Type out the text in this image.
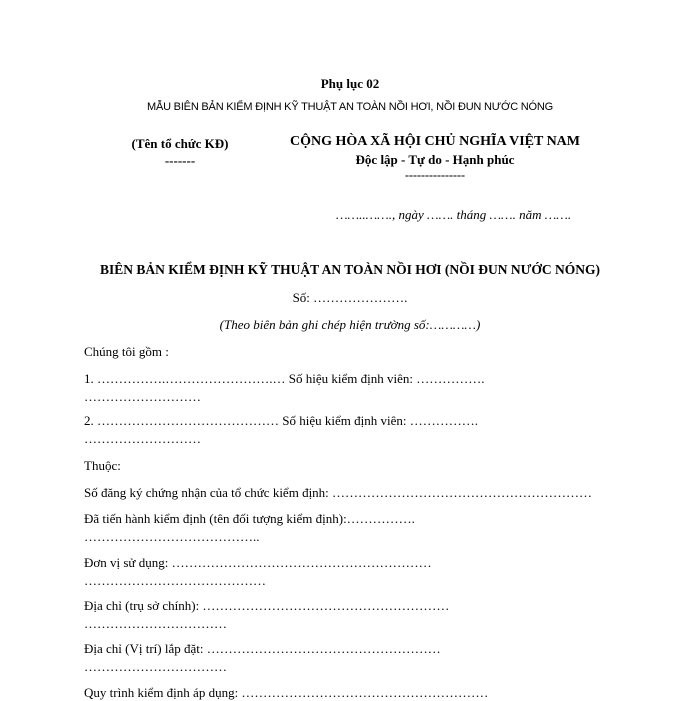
Phụ lục 02
MẪU BIÊN BẢN KIỂM ĐỊNH KỸ THUẬT AN TOÀN NỒI HƠI, NỒI ĐUN NƯỚC NÓNG
(Tên tổ chức KĐ)
-------
CỘNG HÒA XÃ HỘI CHỦ NGHĨA VIỆT NAM
Độc lập - Tự do - Hạnh phúc
---------------
……..……., ngày ……. tháng ……. năm …….
BIÊN BẢN KIỂM ĐỊNH KỸ THUẬT AN TOÀN NỒI HƠI (NỒI ĐUN NƯỚC NÓNG)
Số: ………………….
(Theo biên bản ghi chép hiện trường số:…………)
Chúng tôi gồm :
1. …………….…………………….… Số hiệu kiểm định viên: …………….
………………………
2. …………………………………… Số hiệu kiểm định viên: …………….
………………………
Thuộc:
Số đăng ký chứng nhận của tổ chức kiểm định: ……………………………………………………
Đã tiến hành kiểm định (tên đối tượng kiểm định):…………….
…………………………………..
Đơn vị sử dụng: ……………………………………………………
……………………………………
Địa chỉ (trụ sở chính): …………………………………………………
……………………………
Địa chỉ (Vị trí) lắp đặt: ………………………………………………
……………………………
Quy trình kiểm định áp dụng: …………………………………………………
